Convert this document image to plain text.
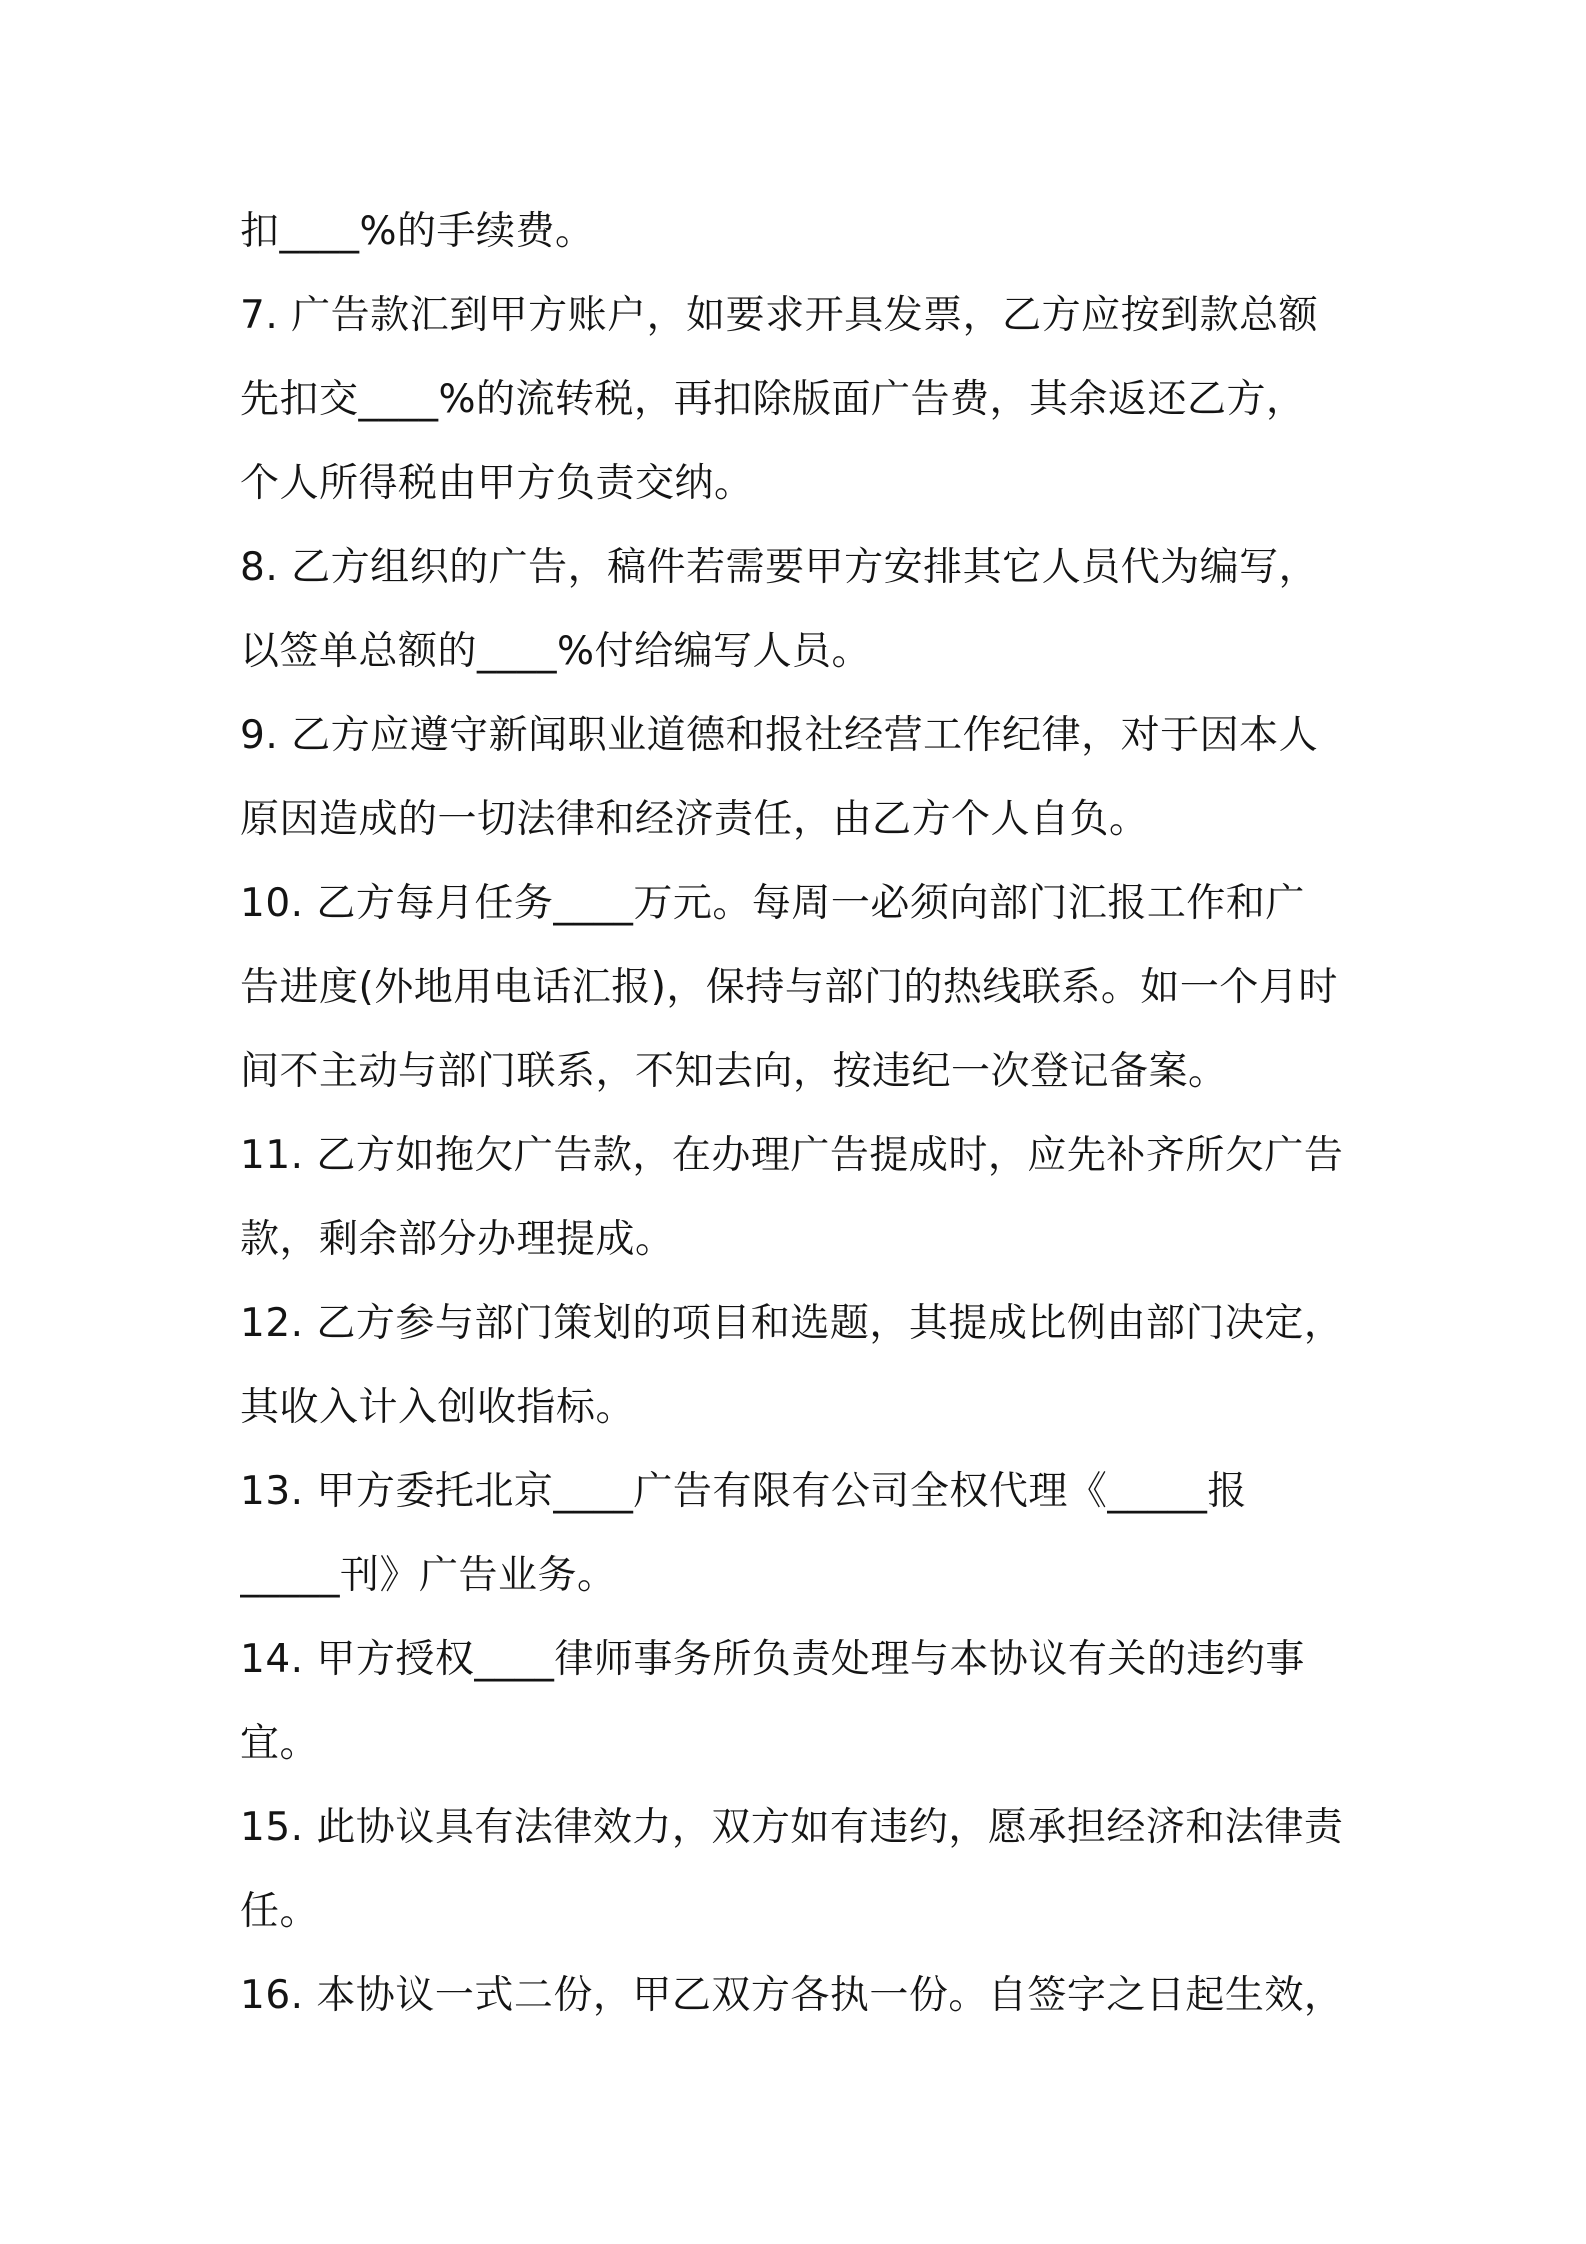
扣____%的手续费。
7. 广告款汇到甲方账户，如要求开具发票，乙方应按到款总额
先扣交____%的流转税，再扣除版面广告费，其余返还乙方，
个人所得税由甲方负责交纳。
8. 乙方组织的广告，稿件若需要甲方安排其它人员代为编写，
以签单总额的____%付给编写人员。
9. 乙方应遵守新闻职业道德和报社经营工作纪律，对于因本人
原因造成的一切法律和经济责任，由乙方个人自负。
10. 乙方每月任务____万元。每周一必须向部门汇报工作和广
告进度(外地用电话汇报)，保持与部门的热线联系。如一个月时
间不主动与部门联系，不知去向，按违纪一次登记备案。
11. 乙方如拖欠广告款，在办理广告提成时，应先补齐所欠广告
款，剩余部分办理提成。
12. 乙方参与部门策划的项目和选题，其提成比例由部门决定，
其收入计入创收指标。
13. 甲方委托北京____广告有限有公司全权代理《_____报
_____刊》广告业务。
14. 甲方授权____律师事务所负责处理与本协议有关的违约事
宜。
15. 此协议具有法律效力，双方如有违约，愿承担经济和法律责
任。
16. 本协议一式二份，甲乙双方各执一份。自签字之日起生效，
